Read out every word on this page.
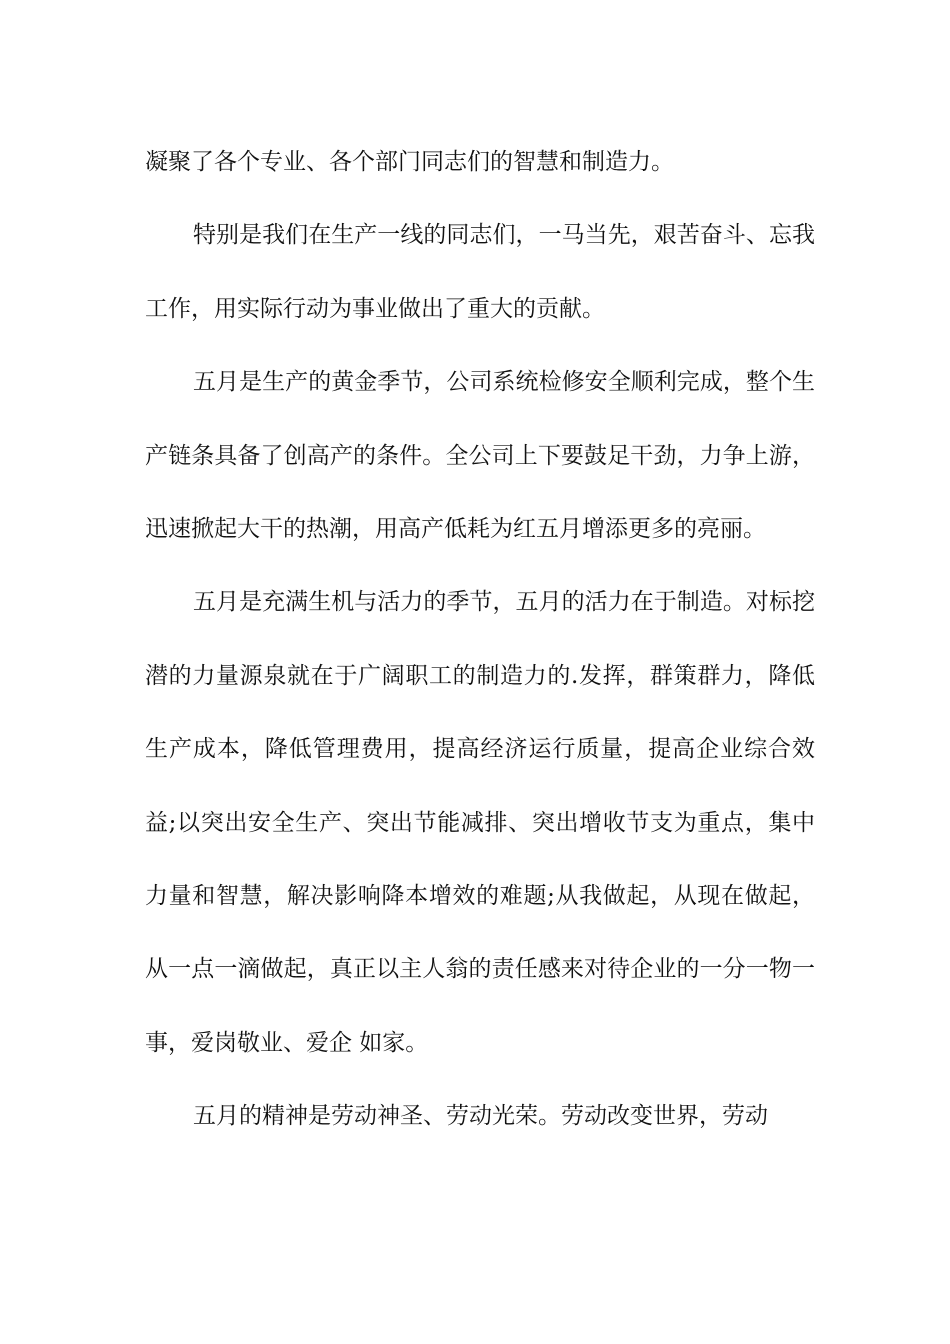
凝聚了各个专业、各个部门同志们的智慧和制造力。

特别是我们在生产一线的同志们，一马当先，艰苦奋斗、忘我工作，用实际行动为事业做出了重大的贡献。

五月是生产的黄金季节，公司系统检修安全顺利完成，整个生产链条具备了创高产的条件。全公司上下要鼓足干劲，力争上游，迅速掀起大干的热潮，用高产低耗为红五月增添更多的亮丽。

五月是充满生机与活力的季节，五月的活力在于制造。对标挖潜的力量源泉就在于广阔职工的制造力的.发挥，群策群力，降低生产成本，降低管理费用，提高经济运行质量，提高企业综合效益;以突出安全生产、突出节能减排、突出增收节支为重点，集中力量和智慧，解决影响降本增效的难题;从我做起，从现在做起，从一点一滴做起，真正以主人翁的责任感来对待企业的一分一物一事，爱岗敬业、爱企 如家。

五月的精神是劳动神圣、劳动光荣。劳动改变世界，劳动
